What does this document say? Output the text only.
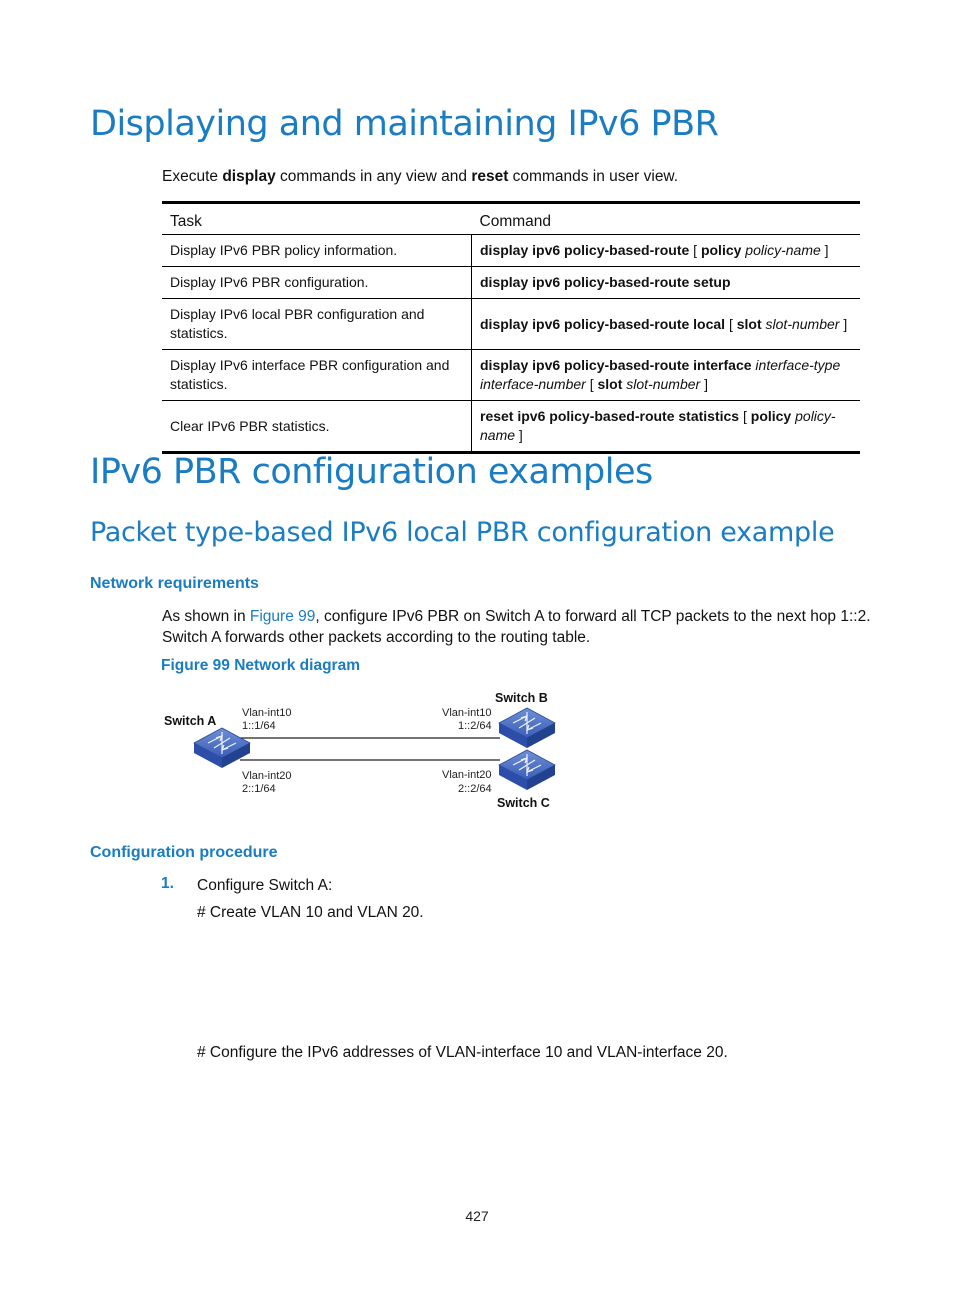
Displaying and maintaining IPv6 PBR

Execute display commands in any view and reset commands in user view.

Task	Command
Display IPv6 PBR policy information.	display ipv6 policy-based-route [ policy policy-name ]
Display IPv6 PBR configuration.	display ipv6 policy-based-route setup
Display IPv6 local PBR configuration and statistics.	display ipv6 policy-based-route local [ slot slot-number ]
Display IPv6 interface PBR configuration and statistics.	display ipv6 policy-based-route interface interface-type interface-number [ slot slot-number ]
Clear IPv6 PBR statistics.	reset ipv6 policy-based-route statistics [ policy policy-name ]
IPv6 PBR configuration examples
Packet type-based IPv6 local PBR configuration example
Network requirements

As shown in Figure 99, configure IPv6 PBR on Switch A to forward all TCP packets to the next hop 1::2. Switch A forwards other packets according to the routing table.

Figure 99 Network diagram

Switch A
Switch B
Switch C
Vlan-int10
1::1/64
Vlan-int20
2::1/64
Vlan-int10
1::2/64
Vlan-int20
2::2/64
Configuration procedure

1. Configure Switch A:

# Create VLAN 10 and VLAN 20.

# Configure the IPv6 addresses of VLAN-interface 10 and VLAN-interface 20.

427
